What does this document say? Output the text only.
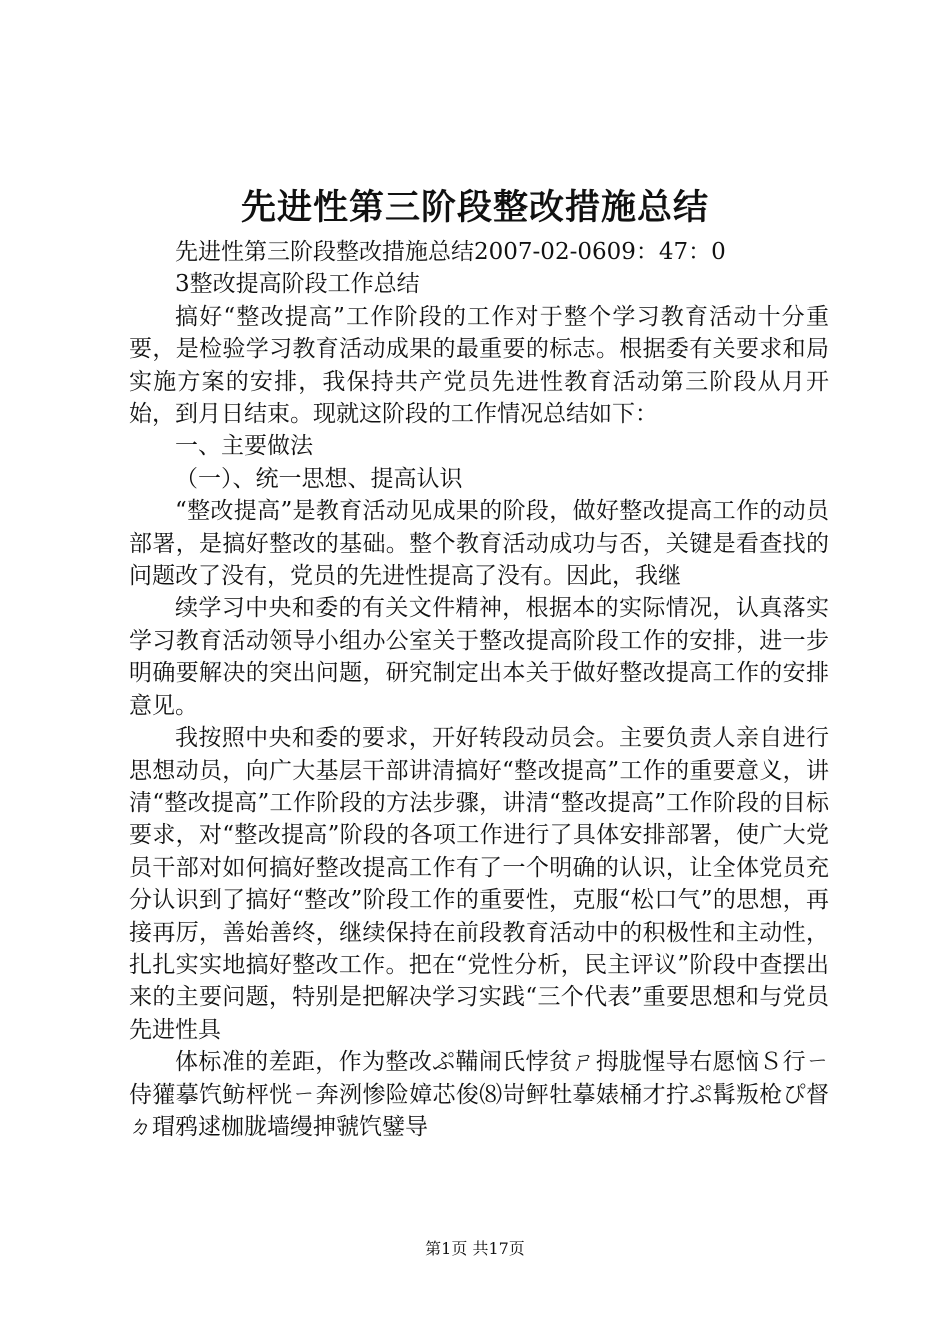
先进性第三阶段整改措施总结

先进性第三阶段整改措施总结2007-02-0609：47：0

3整改提高阶段工作总结

搞好“整改提高”工作阶段的工作对于整个学习教育活动十分重要，是检验学习教育活动成果的最重要的标志。根据委有关要求和局实施方案的安排，我保持共产党员先进性教育活动第三阶段从月开始，到月日结束。现就这阶段的工作情况总结如下：

一、主要做法

（一）、统一思想、提高认识

“整改提高”是教育活动见成果的阶段，做好整改提高工作的动员部署，是搞好整改的基础。整个教育活动成功与否，关键是看查找的问题改了没有，党员的先进性提高了没有。因此，我继

续学习中央和委的有关文件精神，根据本的实际情况，认真落实学习教育活动领导小组办公室关于整改提高阶段工作的安排，进一步明确要解决的突出问题，研究制定出本关于做好整改提高工作的安排意见。

我按照中央和委的要求，开好转段动员会。主要负责人亲自进行思想动员，向广大基层干部讲清搞好“整改提高”工作的重要意义，讲清“整改提高”工作阶段的方法步骤，讲清“整改提高”工作阶段的目标要求，对“整改提高”阶段的各项工作进行了具体安排部署，使广大党员干部对如何搞好整改提高工作有了一个明确的认识，让全体党员充分认识到了搞好“整改”阶段工作的重要性，克服“松口气”的思想，再接再厉，善始善终，继续保持在前段教育活动中的积极性和主动性，扎扎实实地搞好整改工作。把在“党性分析，民主评议”阶段中查摆出来的主要问题，特别是把解决学习实践“三个代表”重要思想和与党员先进性具

体标准的差距，作为整改ぷ鞴闹氏悖贫ㄕ拇胧惺导右愿恼Ｓ行ㄧ侍獾摹饩鲂枰恍ㄧ奔洌惨险嫜芯俊⑻岢鲆牡摹婊桶才拧ぷ髯叛枪ぴ督ㄉ瑁鸦逑枷胧墙缦抻虢饩鐾导

第1页 共17页
